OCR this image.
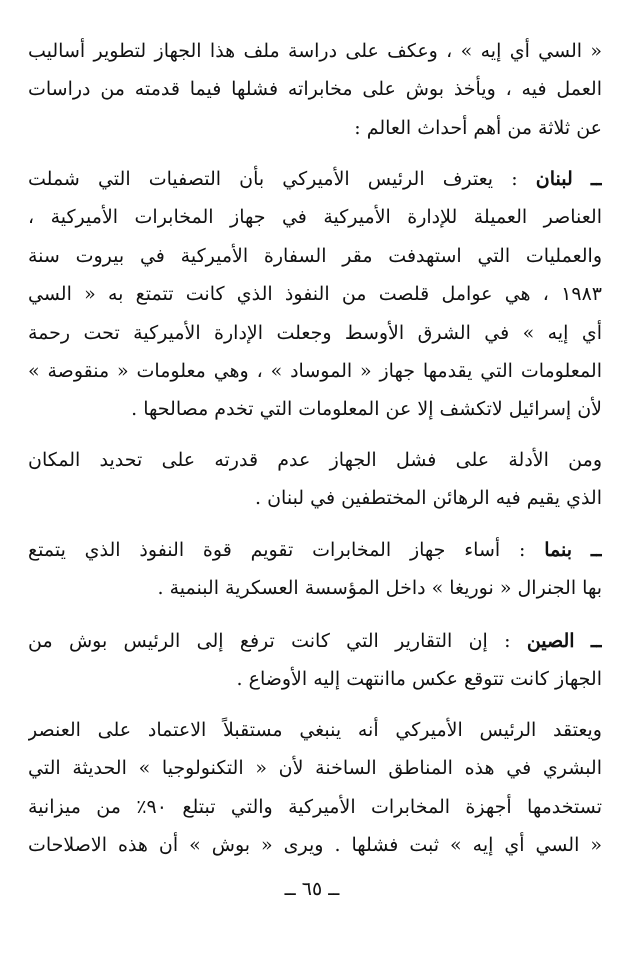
« السي أي إيه » ، وعكف على دراسة ملف هذا الجهاز لتطوير أساليب
العمل فيه ، ويأخذ بوش على مخابراته فشلها فيما قدمته من دراسات
عن ثلاثة من أهم أحداث العالم :
ــ لبنان : يعترف الرئيس الأميركي بأن التصفيات التي شملت
العناصر العميلة للإدارة الأميركية في جهاز المخابرات الأميركية ،
والعمليات التي استهدفت مقر السفارة الأميركية في بيروت سنة
١٩٨٣ ، هي عوامل قلصت من النفوذ الذي كانت تتمتع به « السي
أي إيه » في الشرق الأوسط وجعلت الإدارة الأميركية تحت رحمة
المعلومات التي يقدمها جهاز « الموساد » ، وهي معلومات « منقوصة »
لأن إسرائيل لاتكشف إلا عن المعلومات التي تخدم مصالحها .
ومن الأدلة على فشل الجهاز عدم قدرته على تحديد المكان
الذي يقيم فيه الرهائن المختطفين في لبنان .
ــ بنما : أساء جهاز المخابرات تقويم قوة النفوذ الذي يتمتع
بها الجنرال « نوريغا » داخل المؤسسة العسكرية البنمية .
ــ الصين : إن التقارير التي كانت ترفع إلى الرئيس بوش من
الجهاز كانت تتوقع عكس ماانتهت إليه الأوضاع .
ويعتقد الرئيس الأميركي أنه ينبغي مستقبلاً الاعتماد على العنصر
البشري في هذه المناطق الساخنة لأن « التكنولوجيا » الحديثة التي
تستخدمها أجهزة المخابرات الأميركية والتي تبتلع ٩٠٪ من ميزانية
« السي أي إيه » ثبت فشلها . ويرى « بوش » أن هذه الاصلاحات
ــ ٦٥ ــ
